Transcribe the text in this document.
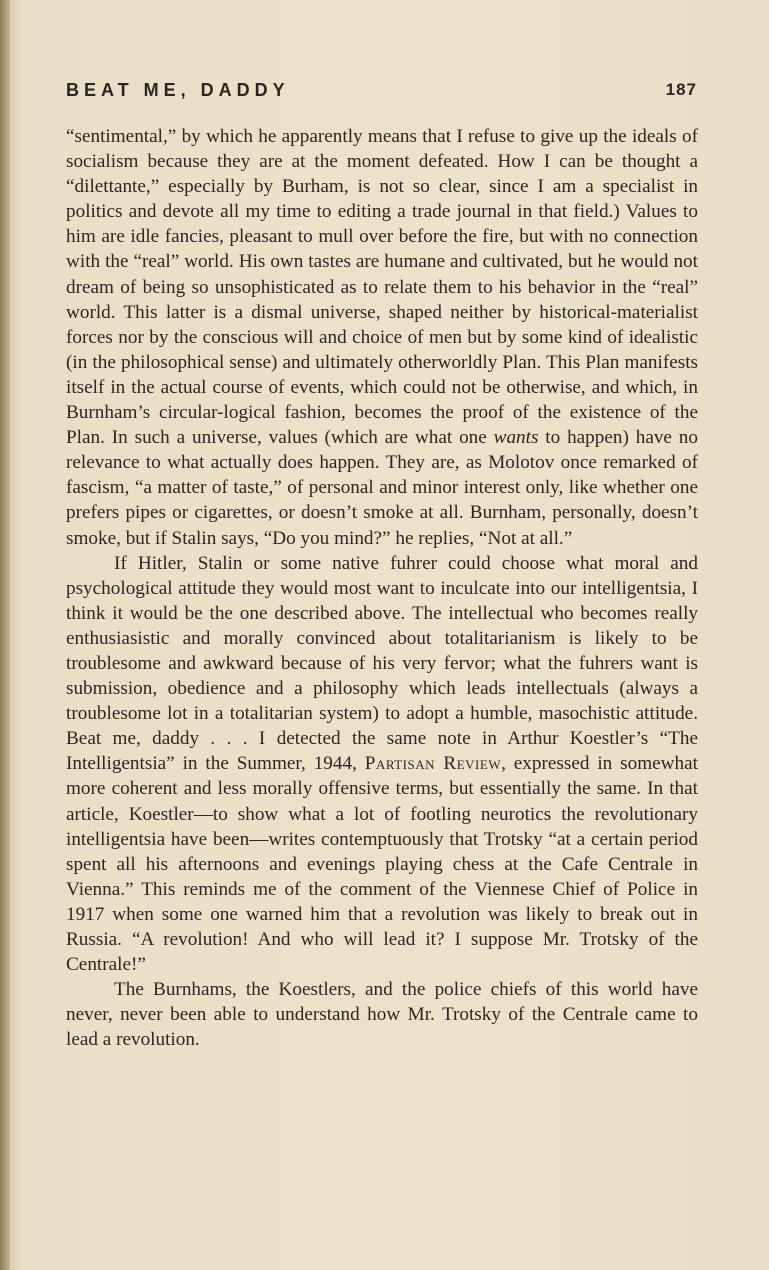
BEAT ME, DADDY	187

“sentimental,” by which he apparently means that I refuse to give up the ideals of socialism because they are at the moment defeated. How I can be thought a “dilettante,” especially by Burham, is not so clear, since I am a specialist in politics and devote all my time to editing a trade journal in that field.) Values to him are idle fancies, pleasant to mull over before the fire, but with no connection with the “real” world. His own tastes are humane and cultivated, but he would not dream of being so unsophisticated as to relate them to his behavior in the “real” world. This latter is a dismal universe, shaped neither by historical-materialist forces nor by the conscious will and choice of men but by some kind of idealistic (in the philosophical sense) and ultimately otherworldly Plan. This Plan manifests itself in the actual course of events, which could not be otherwise, and which, in Burnham’s circular-logical fashion, becomes the proof of the existence of the Plan. In such a universe, values (which are what one wants to happen) have no relevance to what actually does happen. They are, as Molotov once remarked of fascism, “a matter of taste,” of personal and minor interest only, like whether one prefers pipes or cigarettes, or doesn’t smoke at all. Burnham, personally, doesn’t smoke, but if Stalin says, “Do you mind?” he replies, “Not at all.”

If Hitler, Stalin or some native fuhrer could choose what moral and psychological attitude they would most want to inculcate into our intelligentsia, I think it would be the one described above. The intellectual who becomes really enthusiasistic and morally convinced about totalitarianism is likely to be troublesome and awkward because of his very fervor; what the fuhrers want is submission, obedience and a philosophy which leads intellectuals (always a troublesome lot in a totalitarian system) to adopt a humble, masochistic attitude. Beat me, daddy . . . I detected the same note in Arthur Koestler’s “The Intelligentsia” in the Summer, 1944, Partisan Review, expressed in somewhat more coherent and less morally offensive terms, but essentially the same. In that article, Koestler—to show what a lot of footling neurotics the revolutionary intelligentsia have been—writes contemptuously that Trotsky “at a certain period spent all his afternoons and evenings playing chess at the Cafe Centrale in Vienna.” This reminds me of the comment of the Viennese Chief of Police in 1917 when some one warned him that a revolution was likely to break out in Russia. “A revolution! And who will lead it? I suppose Mr. Trotsky of the Centrale!”

The Burnhams, the Koestlers, and the police chiefs of this world have never, never been able to understand how Mr. Trotsky of the Centrale came to lead a revolution.
